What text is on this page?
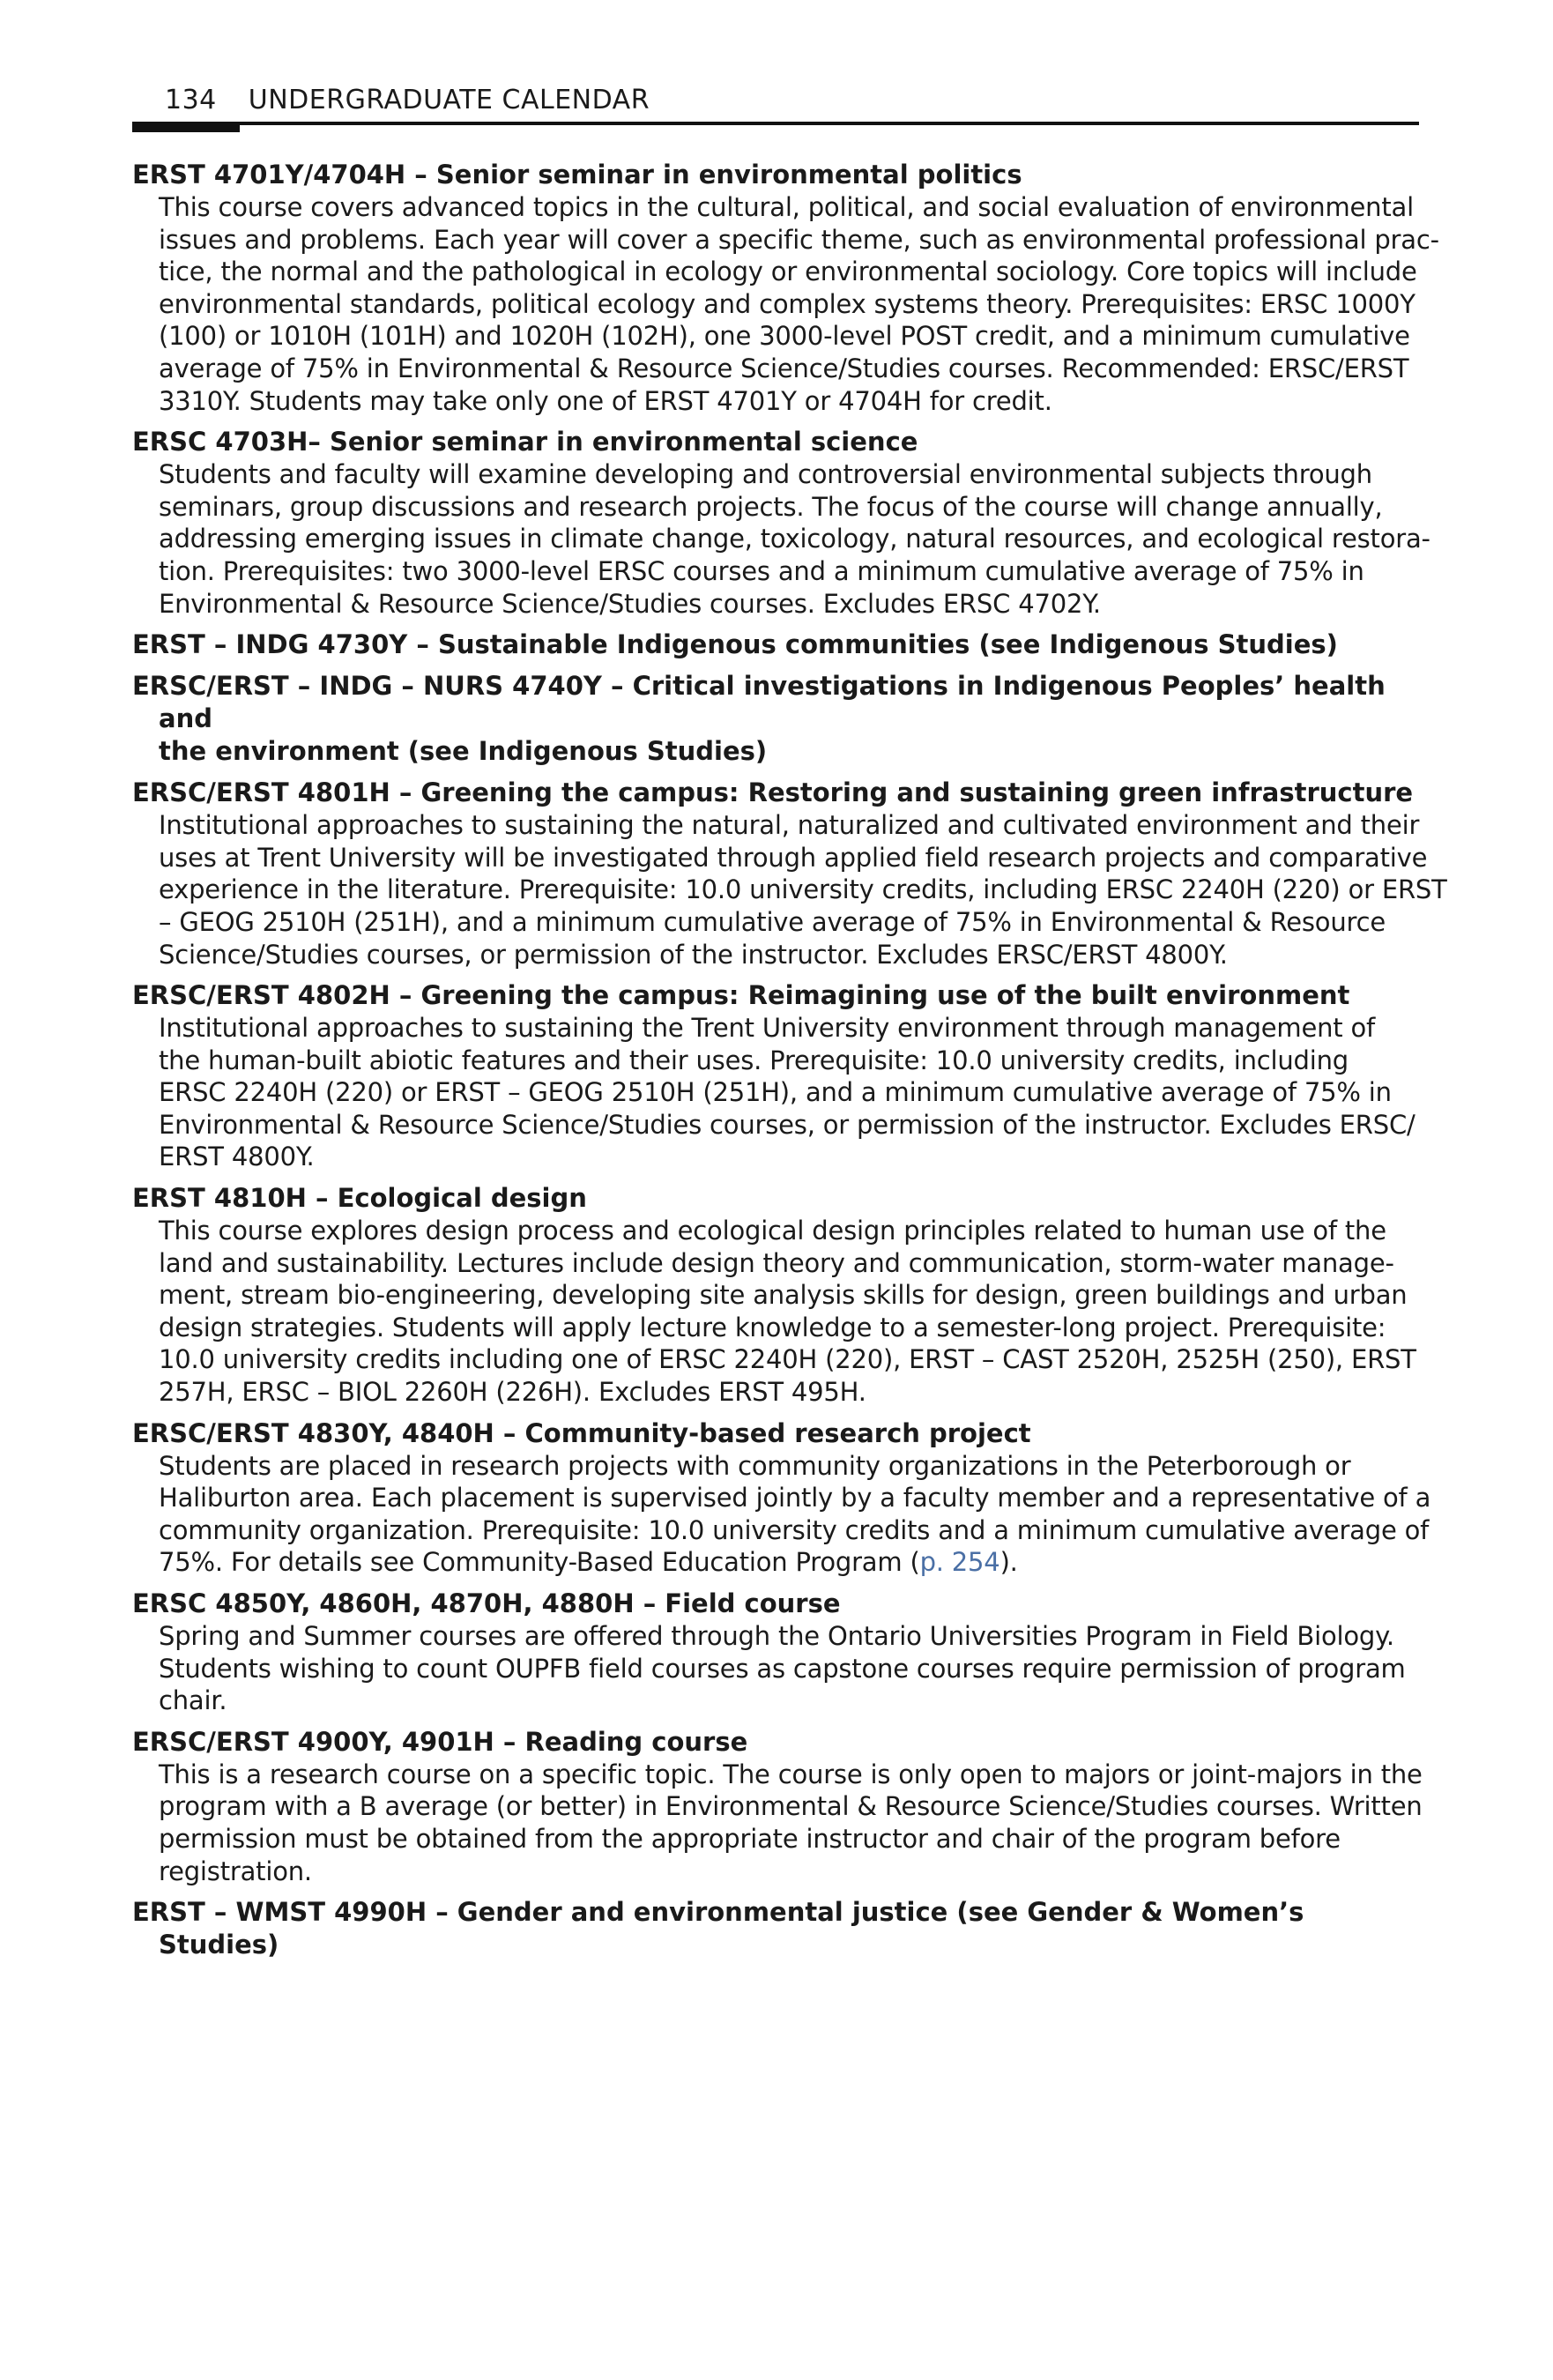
134 UNDERGRADUATE CALENDAR
ERST 4701Y/4704H – Senior seminar in environmental politics
This course covers advanced topics in the cultural, political, and social evaluation of environmental
issues and problems. Each year will cover a specific theme, such as environmental professional prac-
tice, the normal and the pathological in ecology or environmental sociology. Core topics will include
environmental standards, political ecology and complex systems theory. Prerequisites: ERSC 1000Y
(100) or 1010H (101H) and 1020H (102H), one 3000-level POST credit, and a minimum cumulative
average of 75% in Environmental & Resource Science/Studies courses. Recommended: ERSC/ERST
3310Y. Students may take only one of ERST 4701Y or 4704H for credit.
ERSC 4703H– Senior seminar in environmental science
Students and faculty will examine developing and controversial environmental subjects through
seminars, group discussions and research projects. The focus of the course will change annually,
addressing emerging issues in climate change, toxicology, natural resources, and ecological restora-
tion. Prerequisites: two 3000-level ERSC courses and a minimum cumulative average of 75% in
Environmental & Resource Science/Studies courses. Excludes ERSC 4702Y.
ERST – INDG 4730Y – Sustainable Indigenous communities (see Indigenous Studies)
ERSC/ERST – INDG – NURS 4740Y – Critical investigations in Indigenous Peoples’ health and
the environment (see Indigenous Studies)
ERSC/ERST 4801H – Greening the campus: Restoring and sustaining green infrastructure
Institutional approaches to sustaining the natural, naturalized and cultivated environment and their
uses at Trent University will be investigated through applied field research projects and comparative
experience in the literature. Prerequisite: 10.0 university credits, including ERSC 2240H (220) or ERST
– GEOG 2510H (251H), and a minimum cumulative average of 75% in Environmental & Resource
Science/Studies courses, or permission of the instructor. Excludes ERSC/ERST 4800Y.
ERSC/ERST 4802H – Greening the campus: Reimagining use of the built environment
Institutional approaches to sustaining the Trent University environment through management of
the human-built abiotic features and their uses. Prerequisite: 10.0 university credits, including
ERSC 2240H (220) or ERST – GEOG 2510H (251H), and a minimum cumulative average of 75% in
Environmental & Resource Science/Studies courses, or permission of the instructor. Excludes ERSC/
ERST 4800Y.
ERST 4810H – Ecological design
This course explores design process and ecological design principles related to human use of the
land and sustainability. Lectures include design theory and communication, storm-water manage-
ment, stream bio-engineering, developing site analysis skills for design, green buildings and urban
design strategies. Students will apply lecture knowledge to a semester-long project. Prerequisite:
10.0 university credits including one of ERSC 2240H (220), ERST – CAST 2520H, 2525H (250), ERST
257H, ERSC – BIOL 2260H (226H). Excludes ERST 495H.
ERSC/ERST 4830Y, 4840H – Community-based research project
Students are placed in research projects with community organizations in the Peterborough or
Haliburton area. Each placement is supervised jointly by a faculty member and a representative of a
community organization. Prerequisite: 10.0 university credits and a minimum cumulative average of
75%. For details see Community-Based Education Program (p. 254).
ERSC 4850Y, 4860H, 4870H, 4880H – Field course
Spring and Summer courses are offered through the Ontario Universities Program in Field Biology.
Students wishing to count OUPFB field courses as capstone courses require permission of program
chair.
ERSC/ERST 4900Y, 4901H – Reading course
This is a research course on a specific topic. The course is only open to majors or joint-majors in the
program with a B average (or better) in Environmental & Resource Science/Studies courses. Written
permission must be obtained from the appropriate instructor and chair of the program before
registration.
ERST – WMST 4990H – Gender and environmental justice (see Gender & Women’s Studies)
